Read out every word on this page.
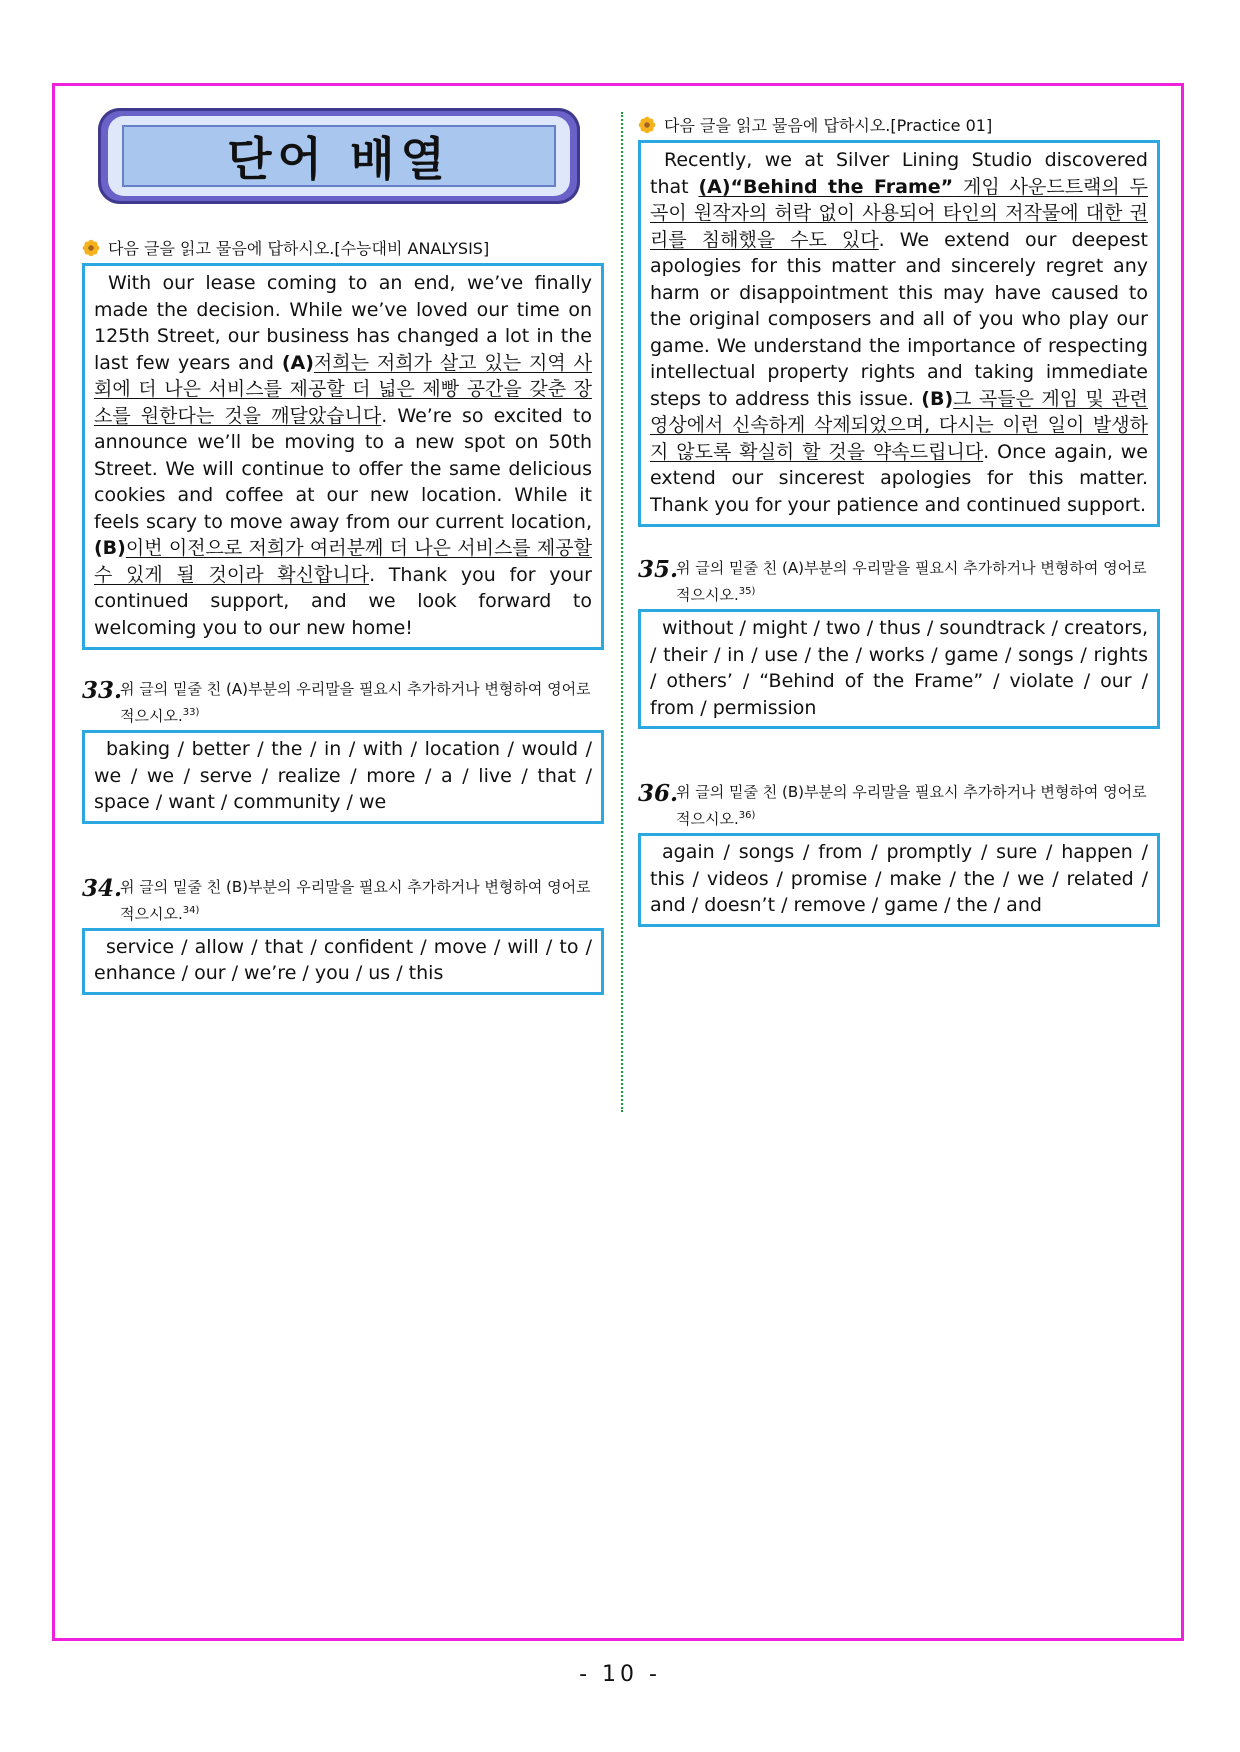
단어 배열
다음 글을 읽고 물음에 답하시오.[수능대비 ANALYSIS]
With our lease coming to an end, we’ve finally made the decision. While we’ve loved our time on 125th Street, our business has changed a lot in the last few years and (A)저희는 저희가 살고 있는 지역 사회에 더 나은 서비스를 제공할 더 넓은 제빵 공간을 갖춘 장소를 원한다는 것을 깨달았습니다. We’re so excited to announce we’ll be moving to a new spot on 50th Street. We will continue to offer the same delicious cookies and coffee at our new location. While it feels scary to move away from our current location, (B)이번 이전으로 저희가 여러분께 더 나은 서비스를 제공할 수 있게 될 것이라 확신합니다. Thank you for your continued support, and we look forward to welcoming you to our new home!
33.
위 글의 밑줄 친 (A)부분의 우리말을 필요시 추가하거나 변형하여 영어로 적으시오.$^{33)}$
baking / better / the / in / with / location / would / we / we / serve / realize / more / a / live / that / space / want / community / we
34.
위 글의 밑줄 친 (B)부분의 우리말을 필요시 추가하거나 변형하여 영어로 적으시오.$^{34)}$
service / allow / that / confident / move / will / to / enhance / our / we’re / you / us / this
다음 글을 읽고 물음에 답하시오.[Practice 01]
Recently, we at Silver Lining Studio discovered that (A)“Behind the Frame” 게임 사운드트랙의 두 곡이 원작자의 허락 없이 사용되어 타인의 저작물에 대한 권리를 침해했을 수도 있다. We extend our deepest apologies for this matter and sincerely regret any harm or disappointment this may have caused to the original composers and all of you who play our game. We understand the importance of respecting intellectual property rights and taking immediate steps to address this issue. (B)그 곡들은 게임 및 관련 영상에서 신속하게 삭제되었으며, 다시는 이런 일이 발생하지 않도록 확실히 할 것을 약속드립니다. Once again, we extend our sincerest apologies for this matter. Thank you for your patience and continued support.
35.
위 글의 밑줄 친 (A)부분의 우리말을 필요시 추가하거나 변형하여 영어로 적으시오.$^{35)}$
without / might / two / thus / soundtrack / creators, / their / in / use / the / works / game / songs / rights / others’ / “Behind of the Frame” / violate / our / from / permission
36.
위 글의 밑줄 친 (B)부분의 우리말을 필요시 추가하거나 변형하여 영어로 적으시오.$^{36)}$
again / songs / from / promptly / sure / happen / this / videos / promise / make / the / we / related / and / doesn’t / remove / game / the / and
- 10 -
